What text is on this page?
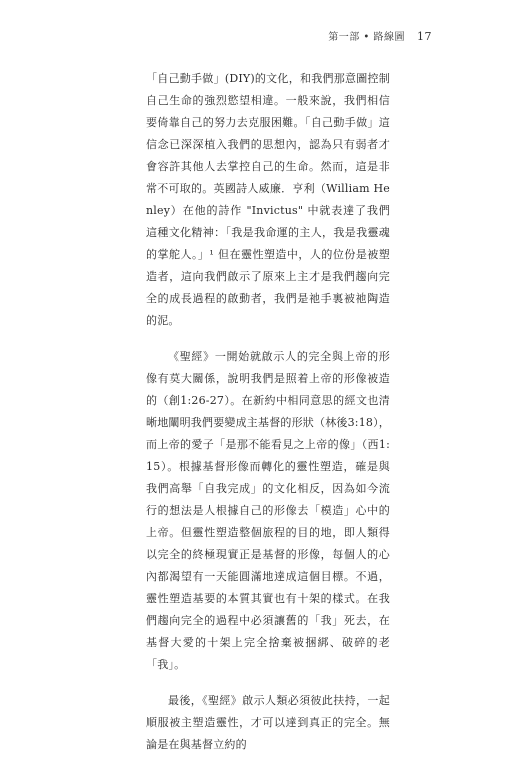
第一部 • 路線圖 17

「自己動手做」(DIY)的文化，和我們那意圖控制自己生命的強烈慾望相違。一般來說，我們相信要倚靠自己的努力去克服困難。「自己動手做」這信念已深深植入我們的思想內，認為只有弱者才會容許其他人去掌控自己的生命。然而，這是非常不可取的。英國詩人威廉．亨利（William Henley）在他的詩作 "Invictus" 中就表達了我們這種文化精神：「我是我命運的主人，我是我靈魂的掌舵人。」¹ 但在靈性塑造中，人的位份是被塑造者，這向我們啟示了原來上主才是我們趨向完全的成長過程的啟動者，我們是祂手裏被祂陶造的泥。

《聖經》一開始就啟示人的完全與上帝的形像有莫大關係，說明我們是照着上帝的形像被造的（創1:26-27）。在新約中相同意思的經文也清晰地闡明我們要變成主基督的形狀（林後3:18），而上帝的愛子「是那不能看見之上帝的像」（西1:15）。根據基督形像而轉化的靈性塑造，確是與我們高舉「自我完成」的文化相反，因為如今流行的想法是人根據自己的形像去「模造」心中的上帝。但靈性塑造整個旅程的目的地，即人類得以完全的終極現實正是基督的形像，每個人的心內都渴望有一天能圓滿地達成這個目標。不過，靈性塑造基要的本質其實也有十架的樣式。在我們趨向完全的過程中必須讓舊的「我」死去，在基督大愛的十架上完全捨棄被捆綁、破碎的老「我」。

最後，《聖經》啟示人類必須彼此扶持，一起順服被主塑造靈性，才可以達到真正的完全。無論是在與基督立約的
